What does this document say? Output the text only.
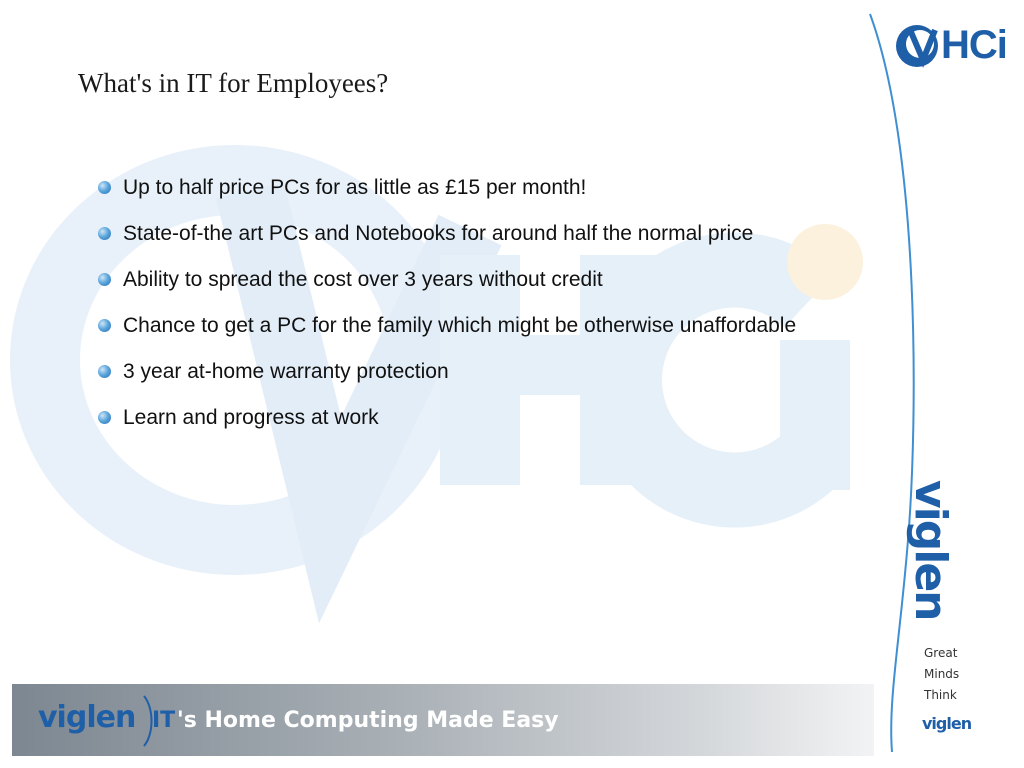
What's in IT for Employees?
Up to half price PCs for as little as £15 per month!
State-of-the art PCs and Notebooks for around half the normal price
Ability to spread the cost over 3 years without credit
Chance to get a PC for the family which might be otherwise unaffordable
3 year at-home warranty protection
Learn and progress at work
HCi
viglen
Great
Minds
Think
viglen
viglen IT 's Home Computing Made Easy
